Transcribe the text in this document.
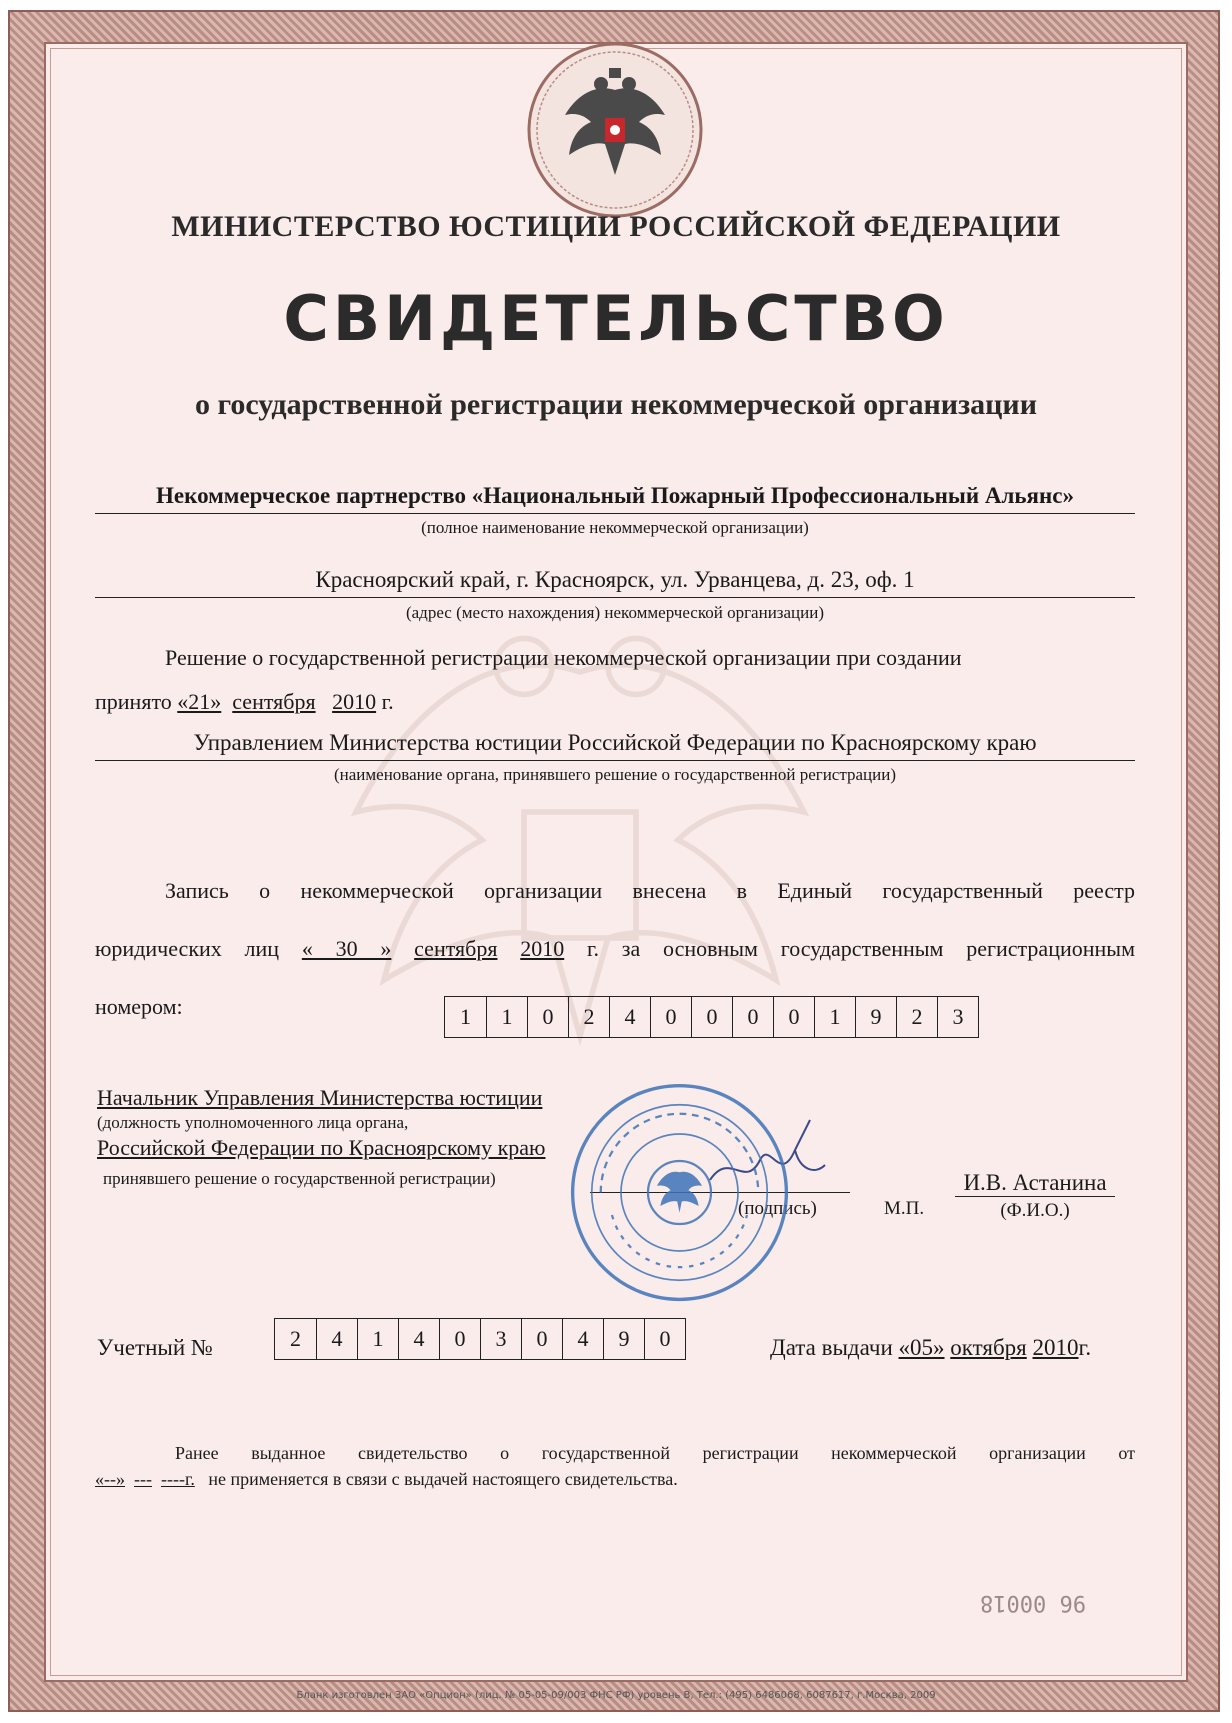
МИНИСТЕРСТВО ЮСТИЦИИ РОССИЙСКОЙ ФЕДЕРАЦИИ
СВИДЕТЕЛЬСТВО
о государственной регистрации некоммерческой организации
Некоммерческое партнерство «Национальный Пожарный Профессиональный Альянс»
(полное наименование некоммерческой организации)
Красноярский край, г. Красноярск, ул. Урванцева, д. 23, оф. 1
(адрес (место нахождения) некоммерческой организации)
Решение о государственной регистрации некоммерческой организации при создании
принято «21» сентября 2010 г.
Управлением Министерства юстиции Российской Федерации по Красноярскому краю
(наименование органа, принявшего решение о государственной регистрации)
Запись о некоммерческой организации внесена в Единый государственный реестр
юридических лиц « 30 » сентября 2010 г. за основным государственным регистрационным
номером:	1	1	0	2	4	0	0	0	0	1	9	2	3
Начальник Управления Министерства юстиции
(должность уполномоченного лица органа,
Российской Федерации по Красноярскому краю
принявшего решение о государственной регистрации)
(подпись)	М.П.
И.В. Астанина
(Ф.И.О.)
Учетный №	2	4	1	4	0	3	0	4	9	0	Дата выдачи «05» октября 2010г.
Ранее выданное свидетельство о государственной регистрации некоммерческой организации от
«--» --- ----г. не применяется в связи с выдачей настоящего свидетельства.
96 00018
Бланк изготовлен ЗАО «Опцион» (лиц. № 05-05-09/003 ФНС РФ) уровень В, Тел.: (495) 6486068, 6087617, г.Москва, 2009
